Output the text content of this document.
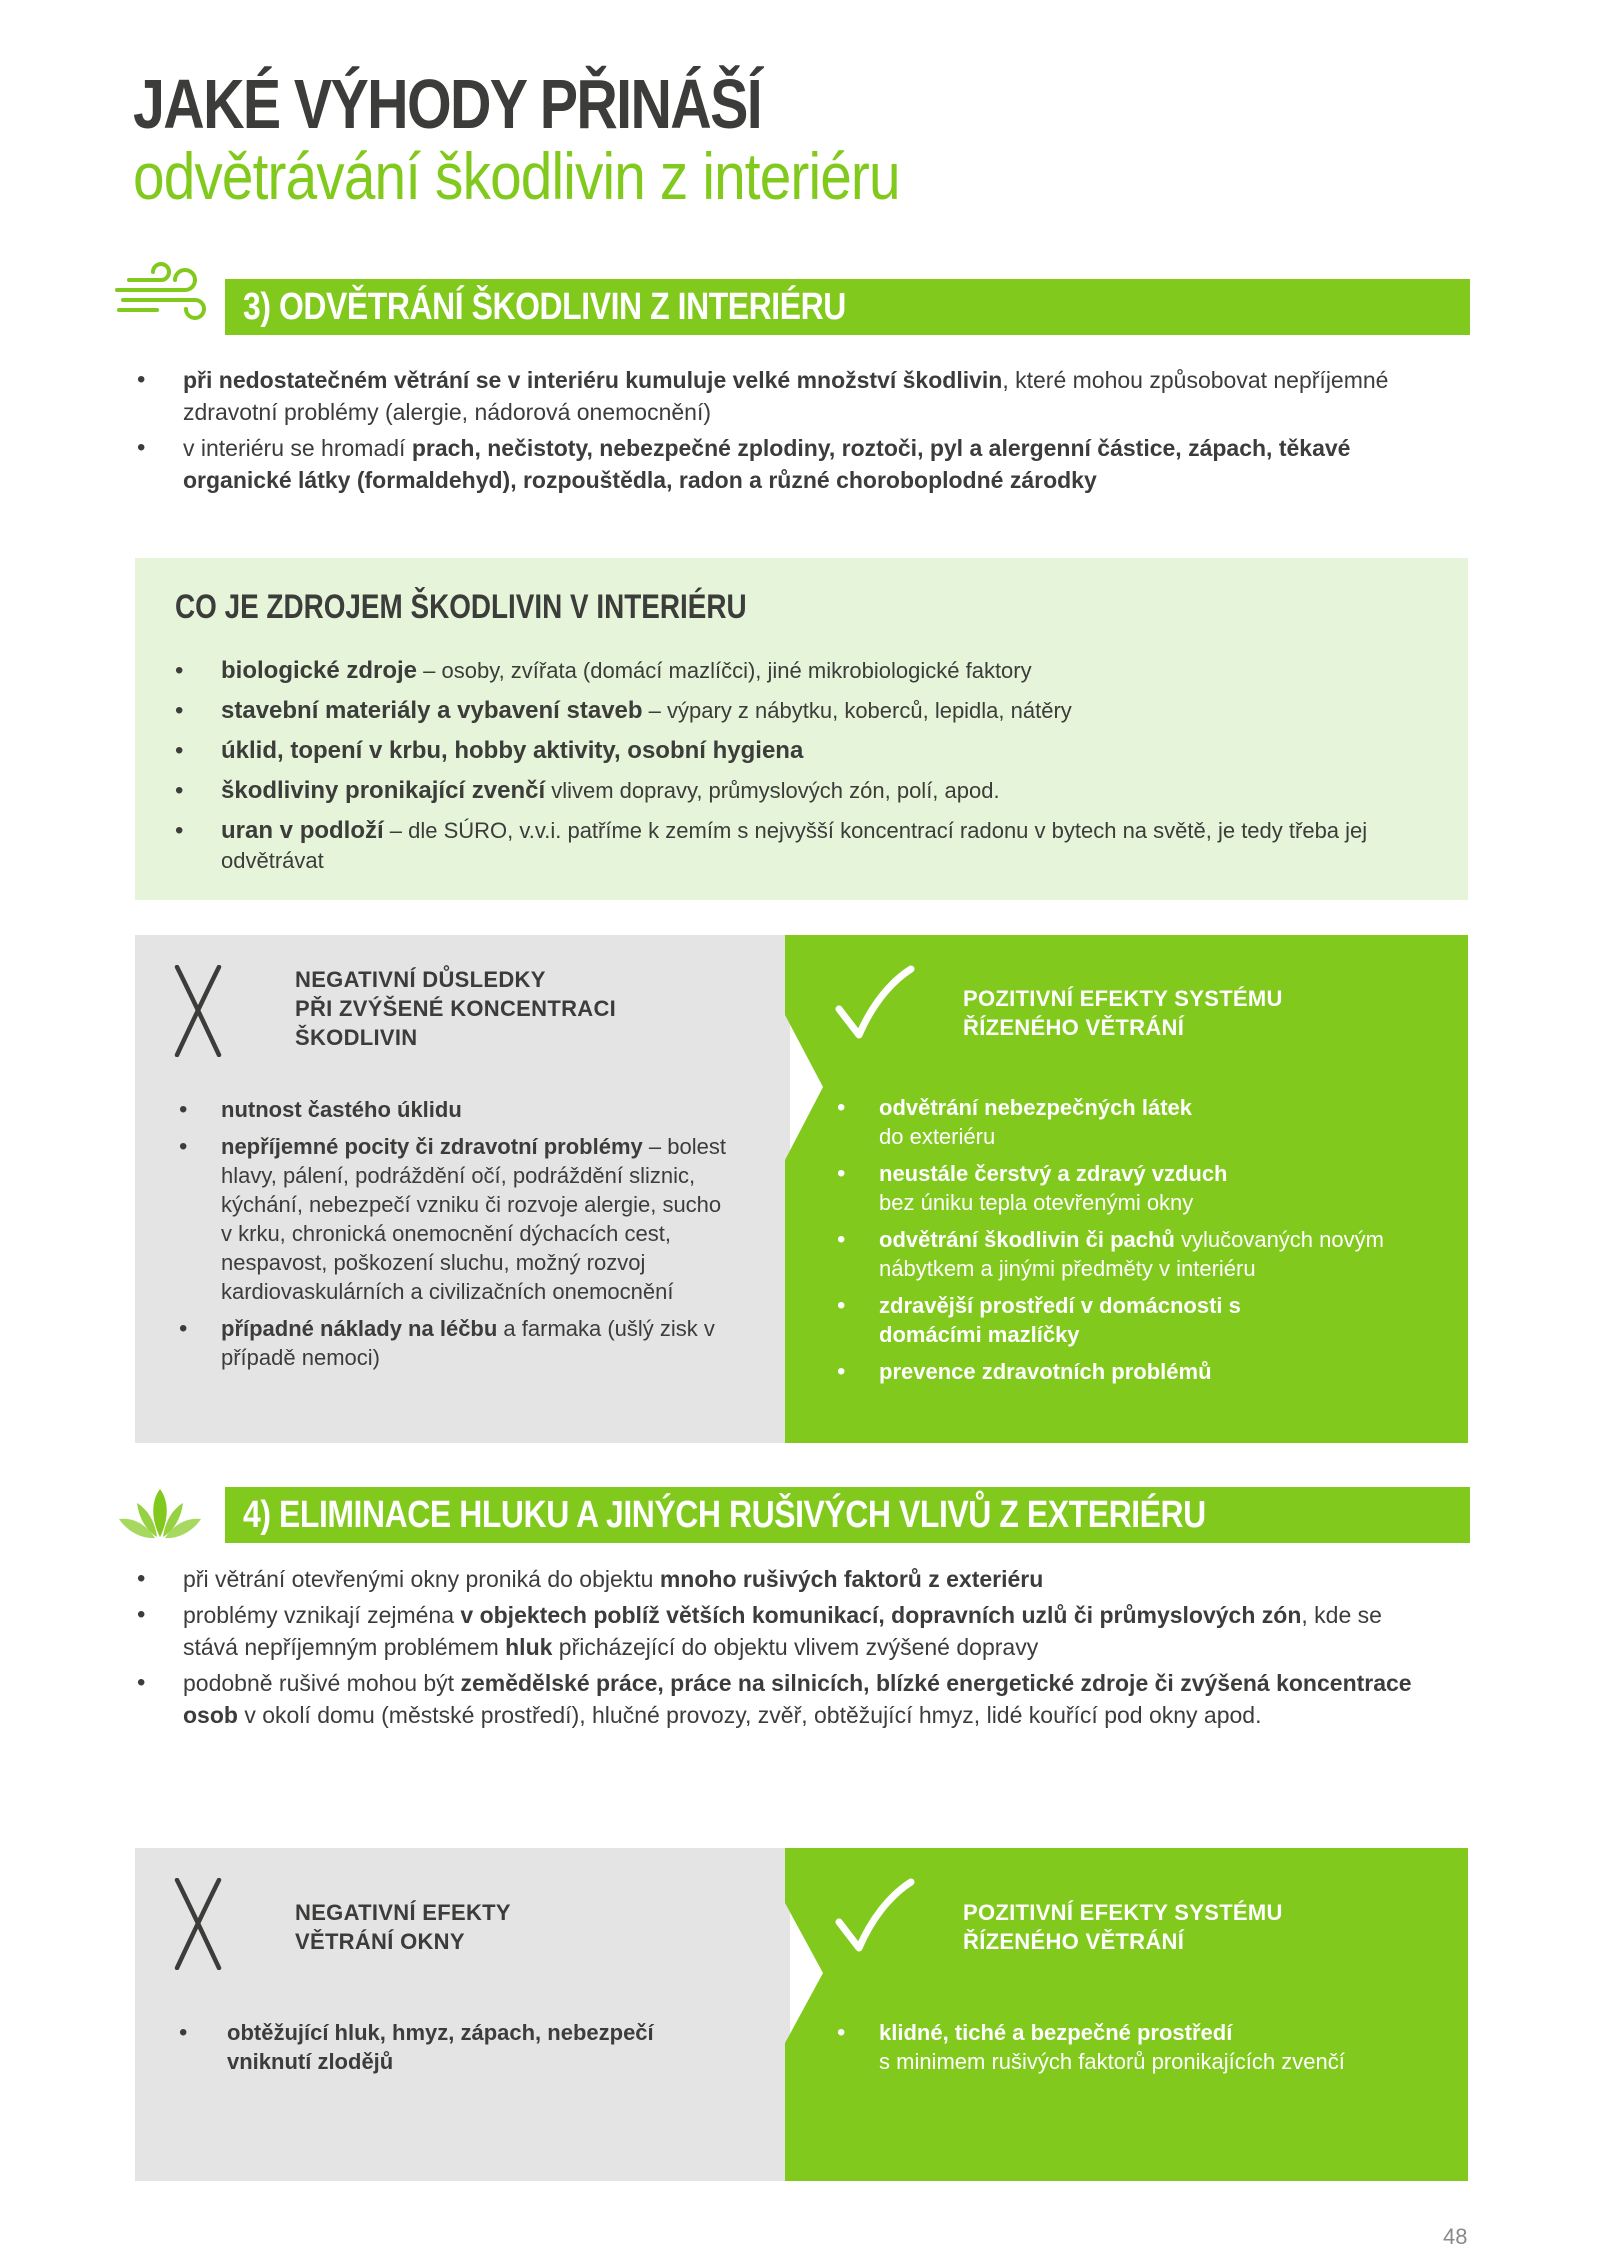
JAKÉ VÝHODY PŘINÁŠÍ
odvětrávání škodlivin z interiéru
3) ODVĚTRÁNÍ ŠKODLIVIN Z INTERIÉRU
• při nedostatečném větrání se v interiéru kumuluje velké množství škodlivin, které mohou způsobovat nepříjemné zdravotní problémy (alergie, nádorová onemocnění)
• v interiéru se hromadí prach, nečistoty, nebezpečné zplodiny, roztoči, pyl a alergenní částice, zápach, těkavé organické látky (formaldehyd), rozpouštědla, radon a různé choroboplodné zárodky
CO JE ZDROJEM ŠKODLIVIN V INTERIÉRU
• biologické zdroje – osoby, zvířata (domácí mazlíčci), jiné mikrobiologické faktory
• stavební materiály a vybavení staveb – výpary z nábytku, koberců, lepidla, nátěry
• úklid, topení v krbu, hobby aktivity, osobní hygiena
• škodliviny pronikající zvenčí vlivem dopravy, průmyslových zón, polí, apod.
• uran v podloží – dle SÚRO, v.v.i. patříme k zemím s nejvyšší koncentrací radonu v bytech na světě, je tedy třeba jej odvětrávat
NEGATIVNÍ DŮSLEDKY
PŘI ZVÝŠENÉ KONCENTRACI
ŠKODLIVIN
• nutnost častého úklidu
• nepříjemné pocity či zdravotní problémy – bolest hlavy, pálení, podráždění očí, podráždění sliznic, kýchání, nebezpečí vzniku či rozvoje alergie, sucho v krku, chronická onemocnění dýchacích cest, nespavost, poškození sluchu, možný rozvoj kardiovaskulárních a civilizačních onemocnění
• případné náklady na léčbu a farmaka (ušlý zisk v případě nemoci)
POZITIVNÍ EFEKTY SYSTÉMU
ŘÍZENÉHO VĚTRÁNÍ
• odvětrání nebezpečných látek
do exteriéru
• neustále čerstvý a zdravý vzduch
bez úniku tepla otevřenými okny
• odvětrání škodlivin či pachů vylučovaných novým nábytkem a jinými předměty v interiéru
• zdravější prostředí v domácnosti s domácími mazlíčky
• prevence zdravotních problémů
4) ELIMINACE HLUKU A JINÝCH RUŠIVÝCH VLIVŮ Z EXTERIÉRU
• při větrání otevřenými okny proniká do objektu mnoho rušivých faktorů z exteriéru
• problémy vznikají zejména v objektech poblíž větších komunikací, dopravních uzlů či průmyslových zón, kde se stává nepříjemným problémem hluk přicházející do objektu vlivem zvýšené dopravy
• podobně rušivé mohou být zemědělské práce, práce na silnicích, blízké energetické zdroje či zvýšená koncentrace osob v okolí domu (městské prostředí), hlučné provozy, zvěř, obtěžující hmyz, lidé kouřící pod okny apod.
NEGATIVNÍ EFEKTY
VĚTRÁNÍ OKNY
• obtěžující hluk, hmyz, zápach, nebezpečí vniknutí zlodějů
POZITIVNÍ EFEKTY SYSTÉMU
ŘÍZENÉHO VĚTRÁNÍ
• klidné, tiché a bezpečné prostředí
s minimem rušivých faktorů pronikajících zvenčí
48
